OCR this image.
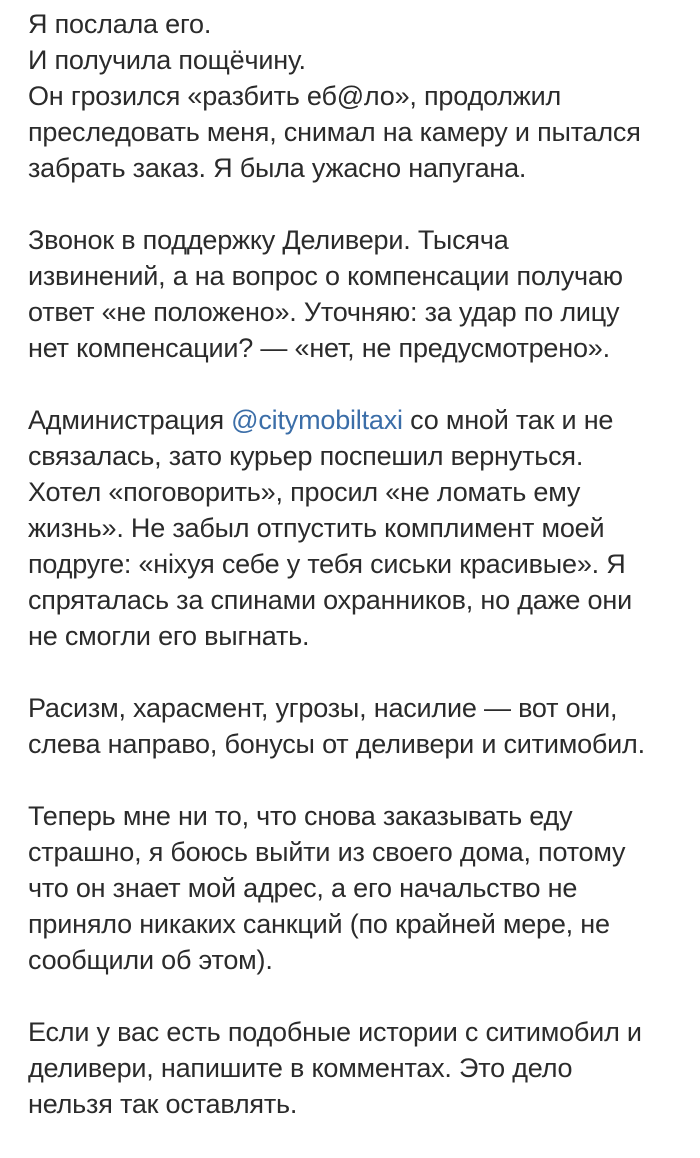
Я послала его.
И получила пощёчину.
Он грозился «разбить еб@ло», продолжил
преследовать меня, снимал на камеру и пытался
забрать заказ. Я была ужасно напугана.
Звонок в поддержку Деливери. Тысяча
извинений, а на вопрос о компенсации получаю
ответ «не положено». Уточняю: за удар по лицу
нет компенсации? — «нет, не предусмотрено».
Администрация @citymobiltaxi со мной так и не
связалась, зато курьер поспешил вернуться.
Хотел «поговорить», просил «не ломать ему
жизнь». Не забыл отпустить комплимент моей
подруге: «ніхуя себе у тебя сиськи красивые». Я
спряталась за спинами охранников, но даже они
не смогли его выгнать.
Расизм, харасмент, угрозы, насилие — вот они,
слева направо, бонусы от деливери и ситимобил.
Теперь мне ни то, что снова заказывать еду
страшно, я боюсь выйти из своего дома, потому
что он знает мой адрес, а его начальство не
приняло никаких санкций (по крайней мере, не
сообщили об этом).
Если у вас есть подобные истории с ситимобил и
деливери, напишите в комментах. Это дело
нельзя так оставлять.
